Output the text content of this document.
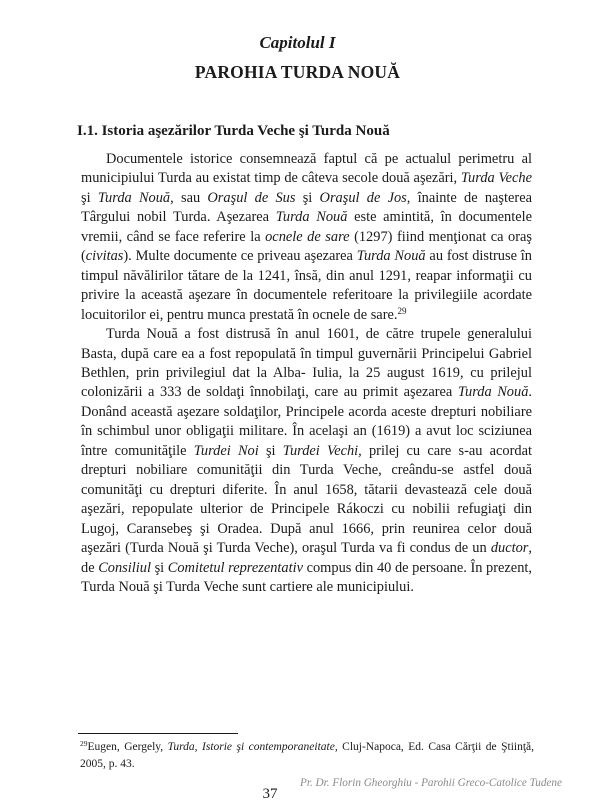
Capitolul I
PAROHIA TURDA NOUĂ
I.1. Istoria aşezărilor Turda Veche şi Turda Nouă

Documentele istorice consemnează faptul că pe actualul perimetru al municipiului Turda au existat timp de câteva secole două aşezări, Turda Veche şi Turda Nouă, sau Oraşul de Sus şi Oraşul de Jos, înainte de naşterea Târgului nobil Turda. Aşezarea Turda Nouă este amintită, în documentele vremii, când se face referire la ocnele de sare (1297) fiind menţionat ca oraş (civitas). Multe documente ce priveau aşezarea Turda Nouă au fost distruse în timpul năvălirilor tătare de la 1241, însă, din anul 1291, reapar informaţii cu privire la această aşezare în documentele referitoare la privilegiile acordate locuitorilor ei, pentru munca prestată în ocnele de sare.$^{29}$

Turda Nouă a fost distrusă în anul 1601, de către trupele generalului Basta, după care ea a fost repopulată în timpul guvernării Principelui Gabriel Bethlen, prin privilegiul dat la Alba- Iulia, la 25 august 1619, cu prilejul colonizării a 333 de soldaţi înnobilaţi, care au primit aşezarea Turda Nouă. Donând această aşezare soldaţilor, Principele acorda aceste drepturi nobiliare în schimbul unor obligaţii militare. În acelaşi an (1619) a avut loc sciziunea între comunităţile Turdei Noi şi Turdei Vechi, prilej cu care s-au acordat drepturi nobiliare comunităţii din Turda Veche, creându-se astfel două comunităţi cu drepturi diferite. În anul 1658, tătarii devastează cele două aşezări, repopulate ulterior de Principele Rákoczi cu nobilii refugiaţi din Lugoj, Caransebeş şi Oradea. După anul 1666, prin reunirea celor două aşezări (Turda Nouă şi Turda Veche), oraşul Turda va fi condus de un ductor, de Consiliul şi Comitetul reprezentativ compus din 40 de persoane. În prezent, Turda Nouă şi Turda Veche sunt cartiere ale municipiului.

$^{29}$Eugen, Gergely, Turda, Istorie şi contemporaneitate, Cluj-Napoca, Ed. Casa Cărţii de Ştiinţă, 2005, p. 43.
37
Pr. Dr. Florin Gheorghiu - Parohii Greco-Catolice Tudene
